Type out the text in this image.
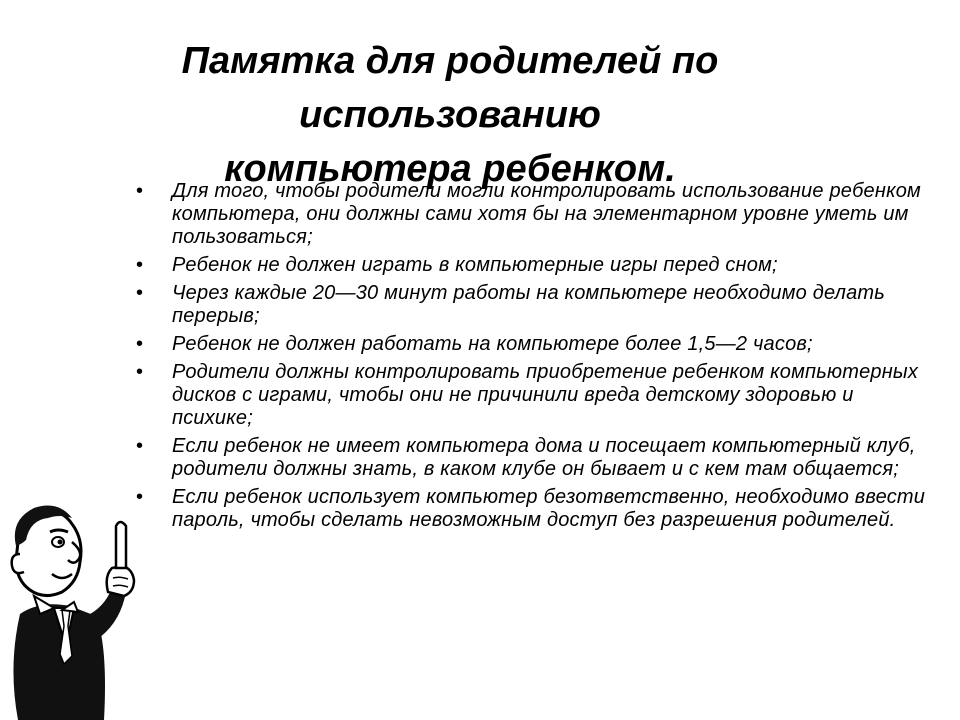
Памятка для родителей по
использованию
компьютера ребенком.
• Для того, чтобы родители могли контролировать использование ребенком компьютера, они должны сами хотя бы на элементарном уровне уметь им пользоваться;
• Ребенок не должен играть в компьютерные игры перед сном;
• Через каждые 20—30 минут работы на компьютере необходимо делать перерыв;
• Ребенок не должен работать на компьютере более 1,5—2 часов;
• Родители должны контролировать приобретение ребенком компьютерных дисков с играми, чтобы они не причинили вреда детскому здоровью и психике;
• Если ребенок не имеет компьютера дома и посещает компьютерный клуб, родители должны знать, в каком клубе он бывает и с кем там общается;
• Если ребенок использует компьютер безответственно, необходимо ввести пароль, чтобы сделать невозможным доступ без разрешения родителей.
